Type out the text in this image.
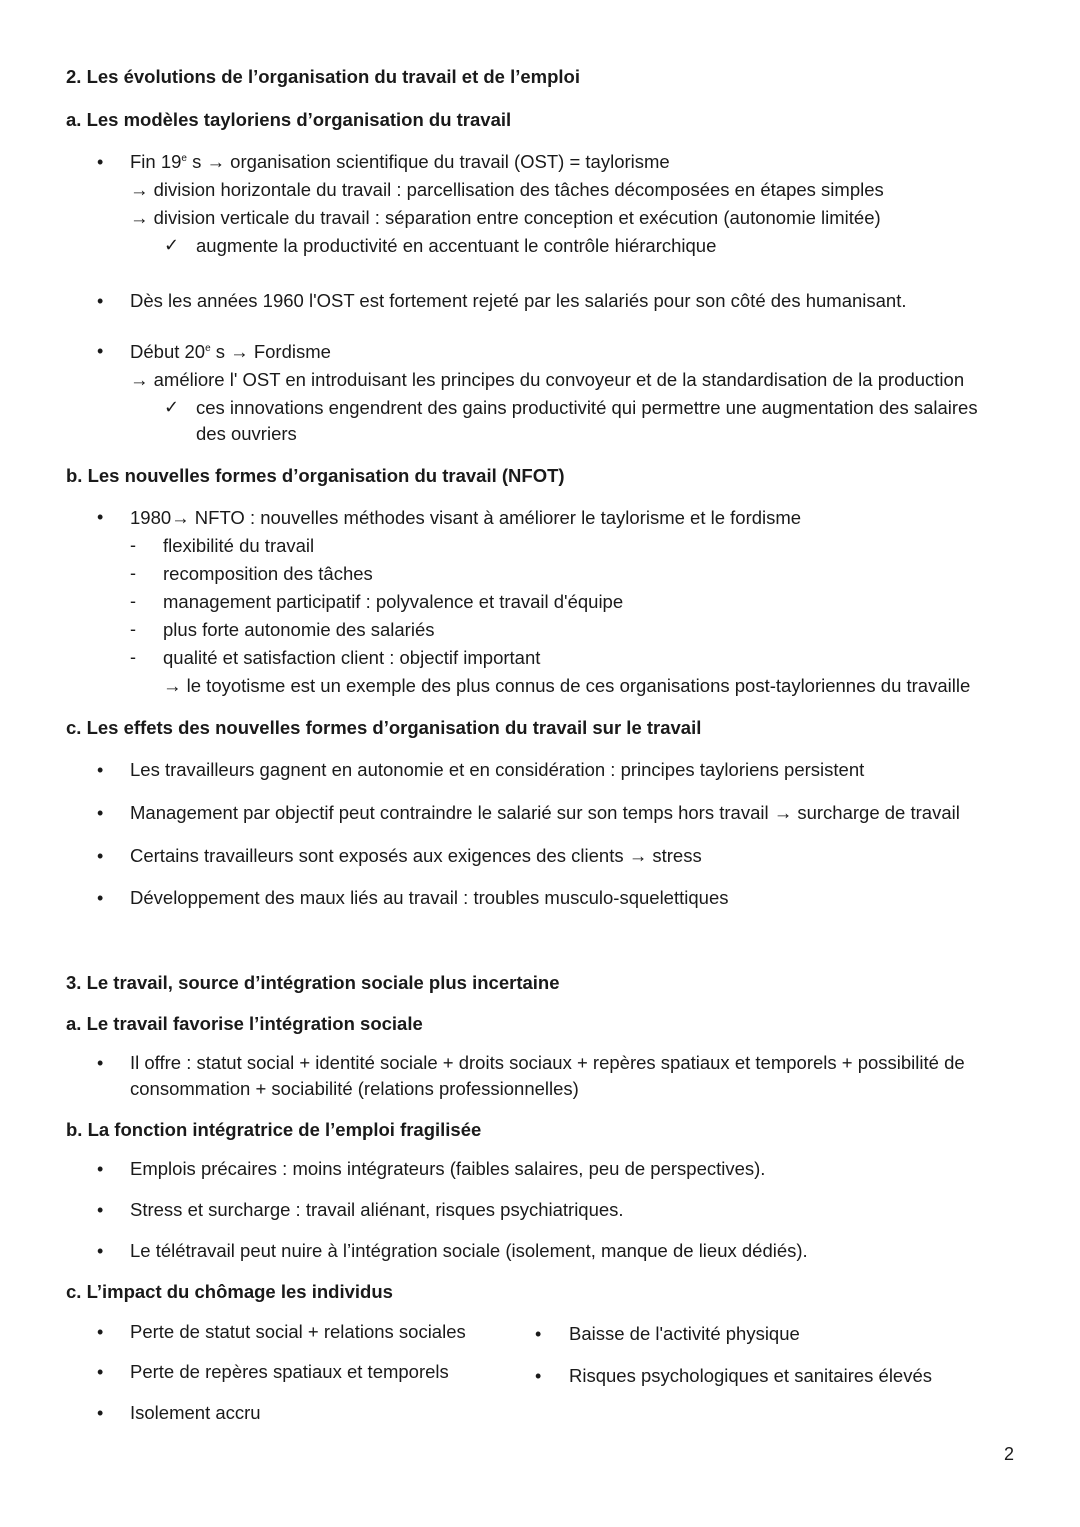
2. Les évolutions de l’organisation du travail et de l’emploi
a. Les modèles tayloriens d’organisation du travail
•
Fin 19e s → organisation scientifique du travail (OST) = taylorisme
→ division horizontale du travail : parcellisation des tâches décomposées en étapes simples
→ division verticale du travail : séparation entre conception et exécution (autonomie limitée)
✓ augmente la productivité en accentuant le contrôle hiérarchique
•
Dès les années 1960 l'OST est fortement rejeté par les salariés pour son côté des humanisant.
•
Début 20e s → Fordisme
→ améliore l' OST en introduisant les principes du convoyeur et de la standardisation de la production
✓ ces innovations engendrent des gains productivité qui permettre une augmentation des salaires
des ouvriers
b. Les nouvelles formes d’organisation du travail (NFOT)
•
1980→ NFTO : nouvelles méthodes visant à améliorer le taylorisme et le fordisme
- flexibilité du travail
- recomposition des tâches
- management participatif : polyvalence et travail d'équipe
- plus forte autonomie des salariés
- qualité et satisfaction client : objectif important
→ le toyotisme est un exemple des plus connus de ces organisations post-tayloriennes du travaille
c. Les effets des nouvelles formes d’organisation du travail sur le travail
•
Les travailleurs gagnent en autonomie et en considération : principes tayloriens persistent
•
Management par objectif peut contraindre le salarié sur son temps hors travail → surcharge de travail
•
Certains travailleurs sont exposés aux exigences des clients → stress
•
Développement des maux liés au travail : troubles musculo-squelettiques
3. Le travail, source d’intégration sociale plus incertaine
a. Le travail favorise l’intégration sociale
•
Il offre : statut social + identité sociale + droits sociaux + repères spatiaux et temporels + possibilité de
consommation + sociabilité (relations professionnelles)
b. La fonction intégratrice de l’emploi fragilisée
•
Emplois précaires : moins intégrateurs (faibles salaires, peu de perspectives).
•
Stress et surcharge : travail aliénant, risques psychiatriques.
•
Le télétravail peut nuire à l’intégration sociale (isolement, manque de lieux dédiés).
c. L’impact du chômage les individus
•
Perte de statut social + relations sociales
•
Perte de repères spatiaux et temporels
•
Isolement accru
•
Baisse de l'activité physique
•
Risques psychologiques et sanitaires élevés
2
